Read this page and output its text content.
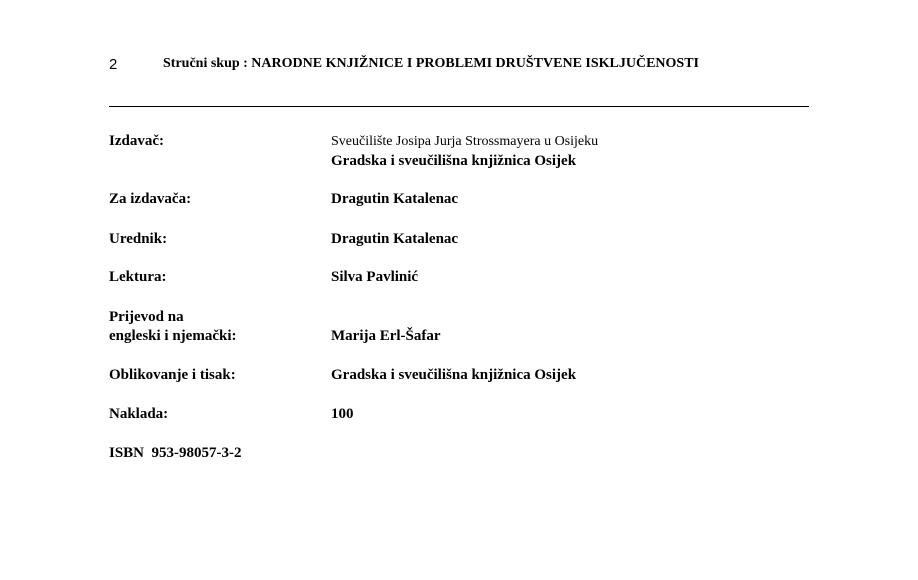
2	Stručni skup : NARODNE KNJIŽNICE I PROBLEMI DRUŠTVENE ISKLJUČENOSTI
Izdavač:	Sveučilište Josipa Jurja Strossmayera u Osijeku
Gradska i sveučilišna knjižnica Osijek
Za izdavača:	Dragutin Katalenac
Urednik:	Dragutin Katalenac
Lektura:	Silva Pavlinić
Prijevod na
engleski i njemački:	Marija Erl-Šafar
Oblikovanje i tisak:	Gradska i sveučilišna knjižnica Osijek
Naklada:	100
ISBN  953-98057-3-2
